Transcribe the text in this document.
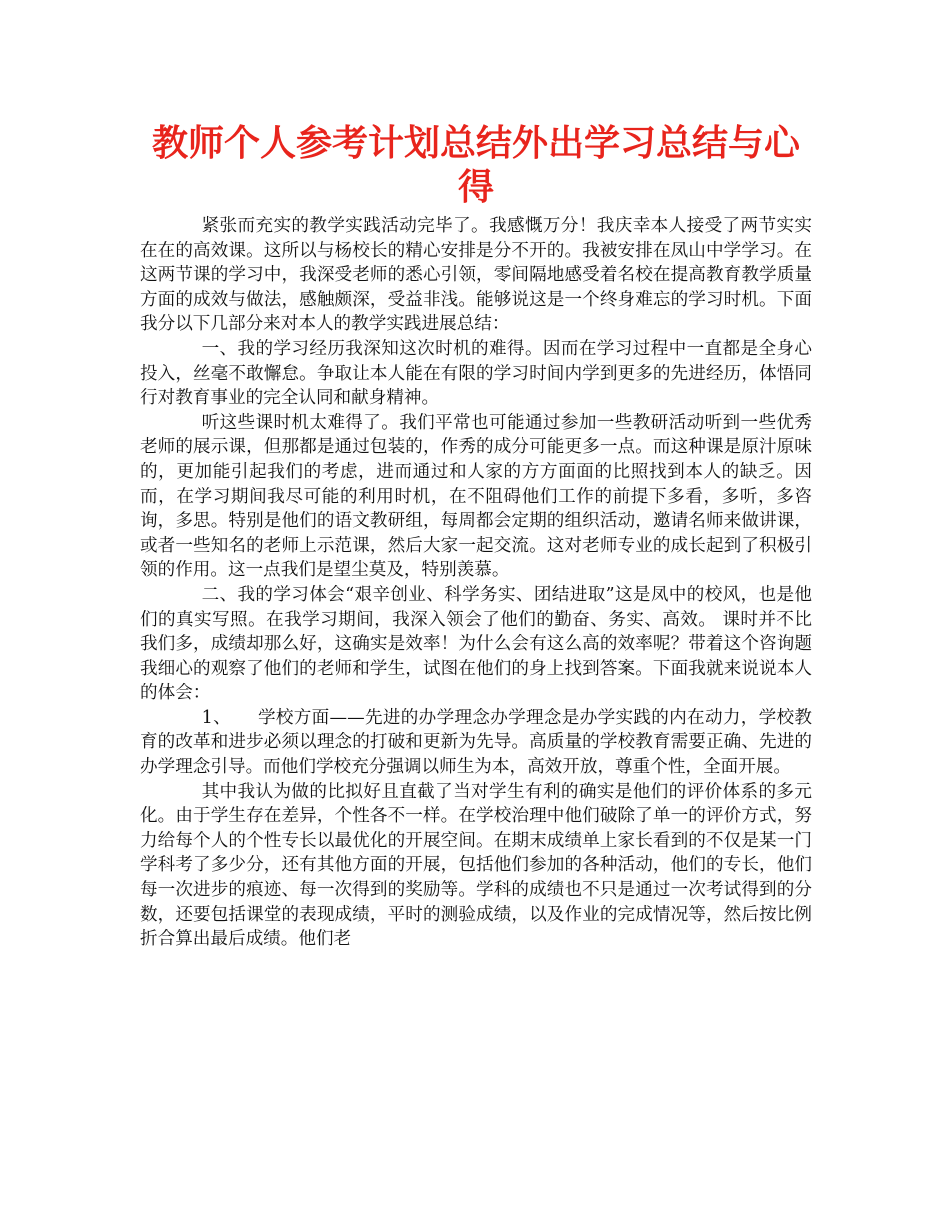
教师个人参考计划总结外出学习总结与心得

紧张而充实的教学实践活动完毕了。我感慨万分！我庆幸本人接受了两节实实在在的高效课。这所以与杨校长的精心安排是分不开的。我被安排在凤山中学学习。在这两节课的学习中，我深受老师的悉心引领，零间隔地感受着名校在提高教育教学质量方面的成效与做法，感触颇深，受益非浅。能够说这是一个终身难忘的学习时机。下面我分以下几部分来对本人的教学实践进展总结：

一、我的学习经历我深知这次时机的难得。因而在学习过程中一直都是全身心投入，丝毫不敢懈怠。争取让本人能在有限的学习时间内学到更多的先进经历，体悟同行对教育事业的完全认同和献身精神。

听这些课时机太难得了。我们平常也可能通过参加一些教研活动听到一些优秀老师的展示课，但那都是通过包装的，作秀的成分可能更多一点。而这种课是原汁原味的，更加能引起我们的考虑，进而通过和人家的方方面面的比照找到本人的缺乏。因而，在学习期间我尽可能的利用时机，在不阻碍他们工作的前提下多看，多听，多咨询，多思。特别是他们的语文教研组，每周都会定期的组织活动，邀请名师来做讲课，或者一些知名的老师上示范课，然后大家一起交流。这对老师专业的成长起到了积极引领的作用。这一点我们是望尘莫及，特别羡慕。

二、我的学习体会“艰辛创业、科学务实、团结进取”这是凤中的校风，也是他们的真实写照。在我学习期间，我深入领会了他们的勤奋、务实、高效。 课时并不比我们多，成绩却那么好，这确实是效率！为什么会有这么高的效率呢？带着这个咨询题我细心的观察了他们的老师和学生，试图在他们的身上找到答案。下面我就来说说本人的体会：

1、　　学校方面——先进的办学理念办学理念是办学实践的内在动力，学校教育的改革和进步必须以理念的打破和更新为先导。高质量的学校教育需要正确、先进的办学理念引导。而他们学校充分强调以师生为本，高效开放，尊重个性，全面开展。

其中我认为做的比拟好且直截了当对学生有利的确实是他们的评价体系的多元化。由于学生存在差异，个性各不一样。在学校治理中他们破除了单一的评价方式，努力给每个人的个性专长以最优化的开展空间。在期末成绩单上家长看到的不仅是某一门学科考了多少分，还有其他方面的开展，包括他们参加的各种活动，他们的专长，他们每一次进步的痕迹、每一次得到的奖励等。学科的成绩也不只是通过一次考试得到的分数，还要包括课堂的表现成绩，平时的测验成绩，以及作业的完成情况等，然后按比例折合算出最后成绩。他们老
